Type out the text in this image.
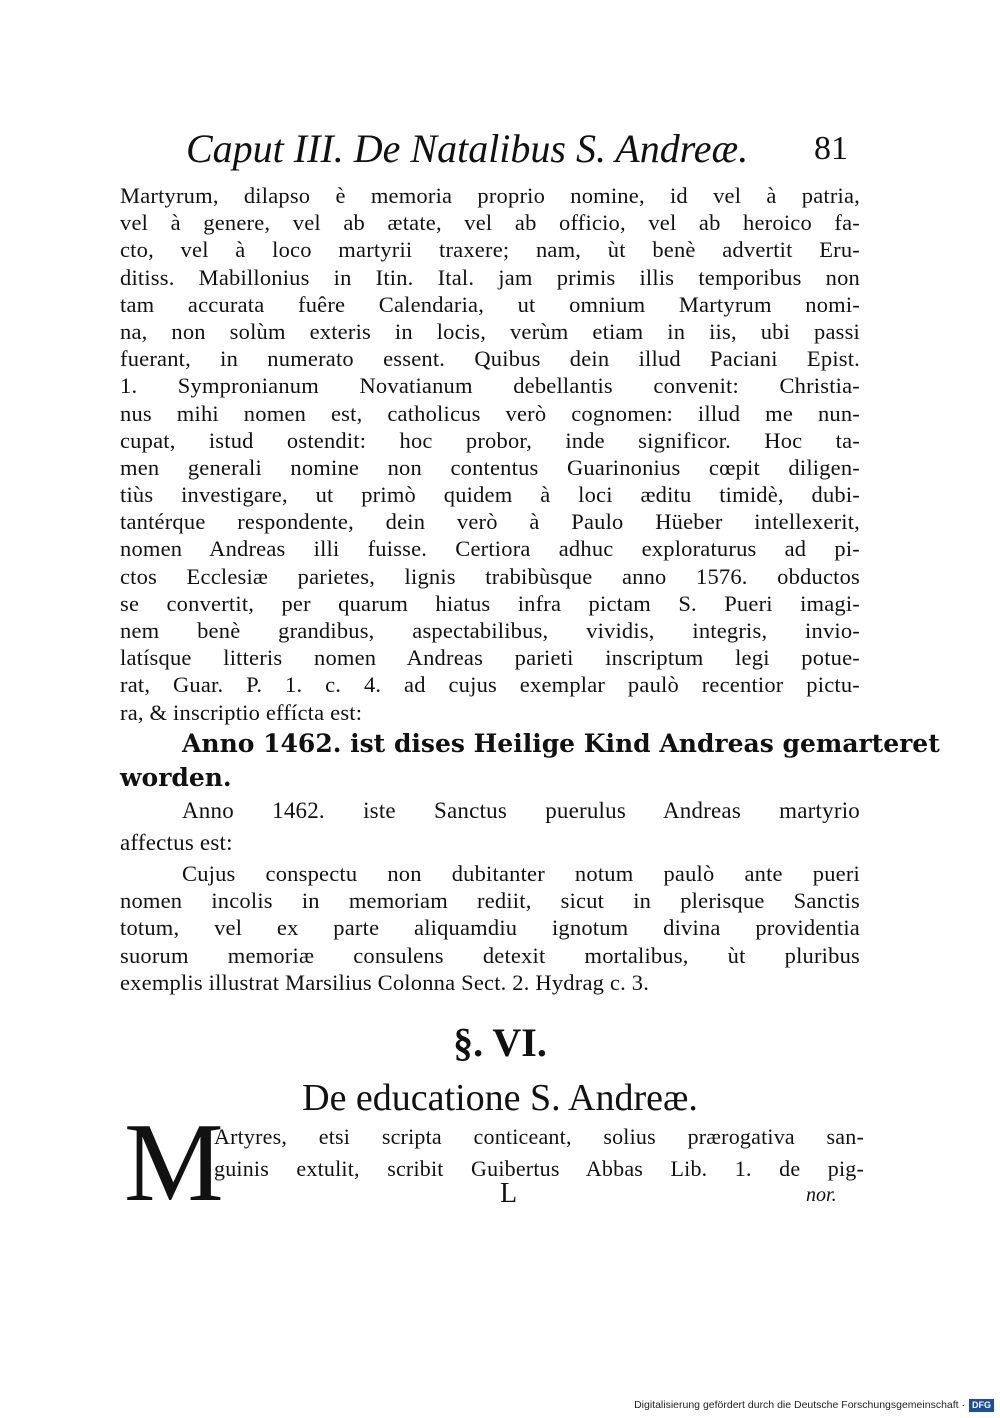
Caput III. De Natalibus S. Andreæ. 81
Martyrum, dilapso è memoria proprio nomine, id vel à patria,
vel à genere, vel ab ætate, vel ab officio, vel ab heroico fa-
cto, vel à loco martyrii traxere; nam, ùt benè advertit Eru-
ditiss. Mabillonius in Itin. Ital. jam primis illis temporibus non
tam accurata fuêre Calendaria, ut omnium Martyrum nomi-
na, non solùm exteris in locis, verùm etiam in iis, ubi passi
fuerant, in numerato essent. Quibus dein illud Paciani Epist.
1. Sympronianum Novatianum debellantis convenit: Christia-
nus mihi nomen est, catholicus verò cognomen: illud me nun-
cupat, istud ostendit: hoc probor, inde significor. Hoc ta-
men generali nomine non contentus Guarinonius cœpit diligen-
tiùs investigare, ut primò quidem à loci æditu timidè, dubi-
tantérque respondente, dein verò à Paulo Hüeber intellexerit,
nomen Andreas illi fuisse. Certiora adhuc exploraturus ad pi-
ctos Ecclesiæ parietes, lignis trabibùsque anno 1576. obductos
se convertit, per quarum hiatus infra pictam S. Pueri imagi-
nem benè grandibus, aspectabilibus, vividis, integris, invio-
latísque litteris nomen Andreas parieti inscriptum legi potue-
rat, Guar. P. 1. c. 4. ad cujus exemplar paulò recentior pictu-
ra, & inscriptio effícta est:
Anno 1462. ist dises Heilige Kind Andreas gemarteret
worden.
Anno 1462. iste Sanctus puerulus Andreas martyrio
affectus est:
Cujus conspectu non dubitanter notum paulò ante pueri
nomen incolis in memoriam rediit, sicut in plerisque Sanctis
totum, vel ex parte aliquamdiu ignotum divina providentia
suorum memoriæ consulens detexit mortalibus, ùt pluribus
exemplis illustrat Marsilius Colonna Sect. 2. Hydrag c. 3.
§. VI.
De educatione S. Andreæ.
M
Artyres, etsi scripta conticeant, solius prærogativa san-
guinis extulit, scribit Guibertus Abbas Lib. 1. de pig-
L	nor.
Digitalisierung gefördert durch die Deutsche Forschungsgemeinschaft · DFG
